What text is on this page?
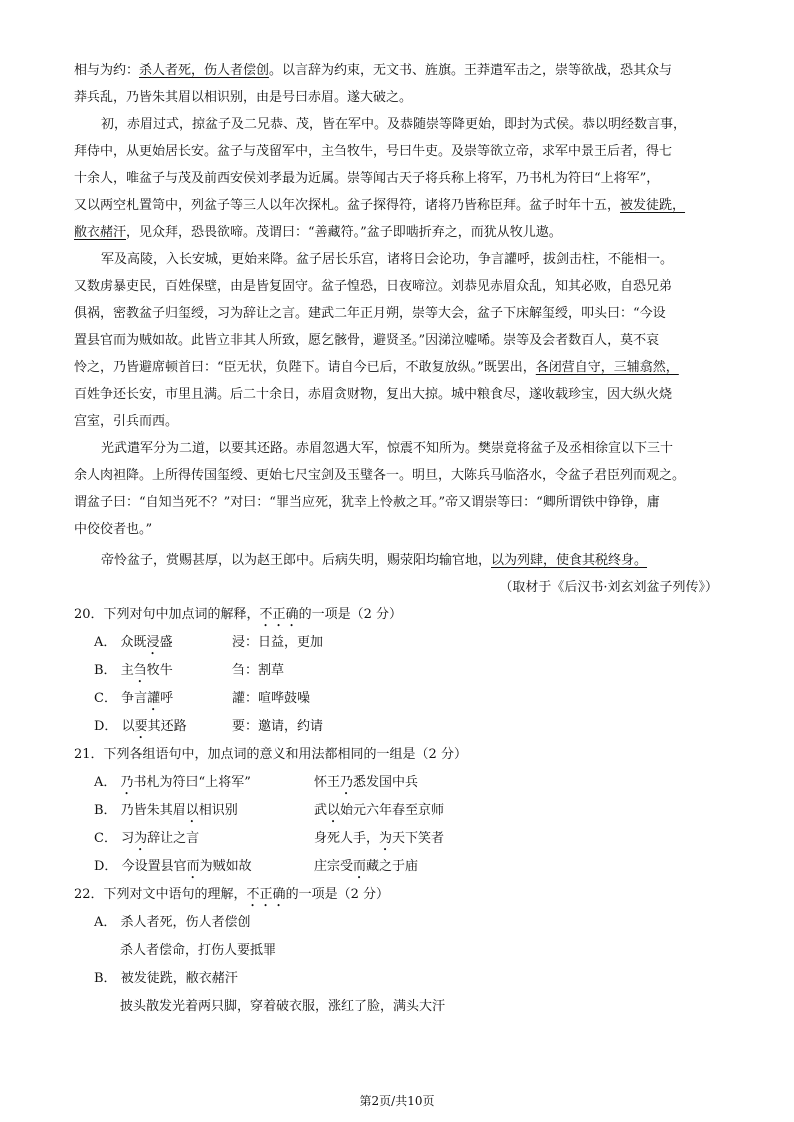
相与为约：杀人者死，伤人者偿创。以言辞为约束，无文书、旌旗。王莽遣军击之，崇等欲战，恐其众与
莽兵乱，乃皆朱其眉以相识别，由是号曰赤眉。遂大破之。
初，赤眉过式，掠盆子及二兄恭、茂，皆在军中。及恭随崇等降更始，即封为式侯。恭以明经数言事，
拜侍中，从更始居长安。盆子与茂留军中，主刍牧牛，号曰牛吏。及崇等欲立帝，求军中景王后者，得七
十余人，唯盆子与茂及前西安侯刘孝最为近属。崇等闻古天子将兵称上将军，乃书札为符曰“上将军”，
又以两空札置笥中，列盆子等三人以年次探札。盆子探得符，诸将乃皆称臣拜。盆子时年十五，被发徒跣，
敝衣赭汗，见众拜，恐畏欲啼。茂谓曰：“善藏符。”盆子即啮折弃之，而犹从牧儿遨。
军及高陵，入长安城，更始来降。盆子居长乐宫，诸将日会论功，争言讙呼，拔剑击柱，不能相一。
又数虏暴吏民，百姓保壁，由是皆复固守。盆子惶恐，日夜啼泣。刘恭见赤眉众乱，知其必败，自恐兄弟
俱祸，密教盆子归玺绶，习为辞让之言。建武二年正月朔，崇等大会，盆子下床解玺绶，叩头曰：“今设
置县官而为贼如故。此皆立非其人所致，愿乞骸骨，避贤圣。”因涕泣嘘唏。崇等及会者数百人，莫不哀
怜之，乃皆避席顿首曰：“臣无状，负陛下。请自今已后，不敢复放纵。”既罢出，各闭营自守，三辅翕然，
百姓争还长安，市里且满。后二十余日，赤眉贪财物，复出大掠。城中粮食尽，遂收载珍宝，因大纵火烧
宫室，引兵而西。
光武遣军分为二道，以要其还路。赤眉忽遇大军，惊震不知所为。樊崇竟将盆子及丞相徐宣以下三十
余人肉袒降。上所得传国玺绶、更始七尺宝剑及玉璧各一。明旦，大陈兵马临洛水，令盆子君臣列而观之。
谓盆子曰：“自知当死不？”对曰：“罪当应死，犹幸上怜赦之耳。”帝又谓崇等曰：“卿所谓铁中铮铮，庸
中佼佼者也。”
帝怜盆子，赏赐甚厚，以为赵王郎中。后病失明，赐荥阳均输官地，以为列肆，使食其税终身。
（取材于《后汉书·刘玄刘盆子列传》）
20．下列对句中加点词的解释，不正确的一项是（2 分）
A． 众既浸盛	浸：日益，更加
B． 主刍牧牛	刍：割草
C． 争言讙呼	讙：喧哗鼓噪
D． 以要其还路	要：邀请，约请
21．下列各组语句中，加点词的意义和用法都相同的一组是（2 分）
A． 乃书札为符曰“上将军”	怀王乃悉发国中兵
B． 乃皆朱其眉以相识别	武以始元六年春至京师
C． 习为辞让之言	身死人手，为天下笑者
D． 今设置县官而为贼如故	庄宗受而藏之于庙
22．下列对文中语句的理解，不正确的一项是（2 分）
A． 杀人者死，伤人者偿创
杀人者偿命，打伤人要抵罪
B． 被发徒跣，敝衣赭汗
披头散发光着两只脚，穿着破衣服，涨红了脸，满头大汗
第2页/共10页
